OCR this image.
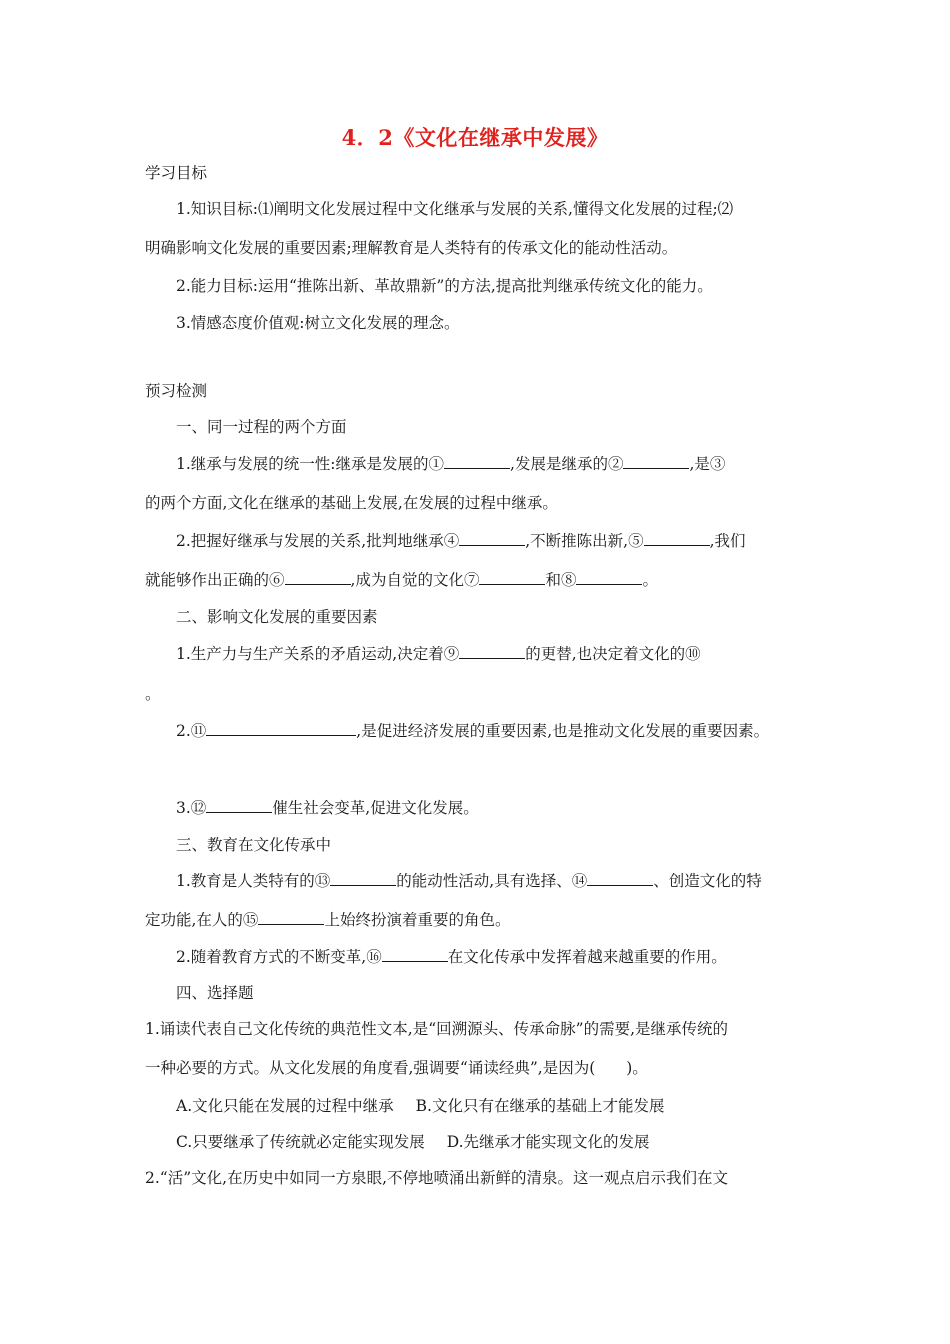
4．2《文化在继承中发展》
学习目标
1.知识目标:⑴阐明文化发展过程中文化继承与发展的关系,懂得文化发展的过程;⑵
明确影响文化发展的重要因素;理解教育是人类特有的传承文化的能动性活动。
2.能力目标:运用“推陈出新、革故鼎新”的方法,提高批判继承传统文化的能力。
3.情感态度价值观:树立文化发展的理念。
预习检测
一、同一过程的两个方面
1.继承与发展的统一性:继承是发展的①	,发展是继承的②	,是③
的两个方面,文化在继承的基础上发展,在发展的过程中继承。
2.把握好继承与发展的关系,批判地继承④	,不断推陈出新,⑤	,我们
就能够作出正确的⑥	,成为自觉的文化⑦	和⑧	。
二、影响文化发展的重要因素
1.生产力与生产关系的矛盾运动,决定着⑨	的更替,也决定着文化的⑩
。
2.⑪	,是促进经济发展的重要因素,也是推动文化发展的重要因素。
3.⑫	催生社会变革,促进文化发展。
三、教育在文化传承中
1.教育是人类特有的⑬	的能动性活动,具有选择、⑭	、创造文化的特
定功能,在人的⑮	上始终扮演着重要的角色。
2.随着教育方式的不断变革,⑯	在文化传承中发挥着越来越重要的作用。
四、选择题
1.诵读代表自己文化传统的典范性文本,是“回溯源头、传承命脉”的需要,是继承传统的
一种必要的方式。从文化发展的角度看,强调要“诵读经典”,是因为(　　)。
A.文化只能在发展的过程中继承 B.文化只有在继承的基础上才能发展
C.只要继承了传统就必定能实现发展 D.先继承才能实现文化的发展
2.“活”文化,在历史中如同一方泉眼,不停地喷涌出新鲜的清泉。这一观点启示我们在文
